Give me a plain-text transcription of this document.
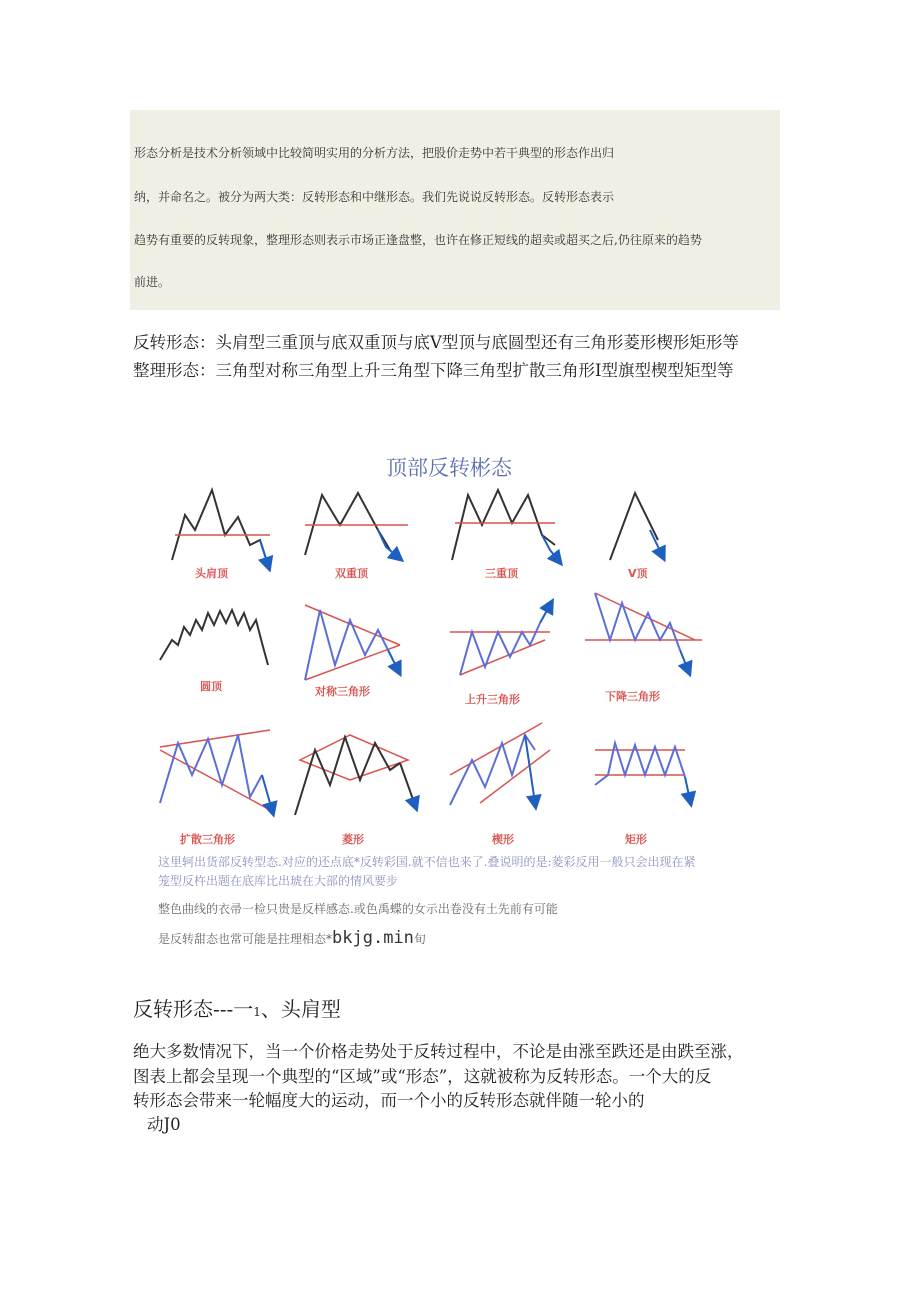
形态分析是技术分析领域中比较简明实用的分析方法，把股价走势中若干典型的形态作出归
纳，并命名之。被分为两大类：反转形态和中继形态。我们先说说反转形态。反转形态表示
趋势有重要的反转现象，整理形态则表示市场正逢盘整，也许在修正短线的超卖或超买之后,仍往原来的趋势
前进。
反转形态：头肩型三重顶与底双重顶与底V型顶与底圆型还有三角形菱形楔形矩形等
整理形态：三角型对称三角型上升三角型下降三角型扩散三角形I型旗型楔型矩型等
顶部反转彬态
头肩顶	双重顶	三重顶	V顶
圆顶	对称三角形
上升三角形	下降三角形
扩散三角形	菱形	楔形	矩形
这里轲出货部反转型态.对应的还点底*反转彩国.就不信也来了.叠说明的是:菱彩反用一般只会出现在紧
笼型反杵出题在底库比出琥在大部的情风要步
整色曲线的衣帚一检只贵是反样感态.或色禹蝶的女示出卷没有土先前有可能
是反转甜态也常可能是拄理相态*bkjg.min旬
反转形态---一1、头肩型
绝大多数情况下，当一个价格走势处于反转过程中，不论是由涨至跌还是由跌至涨，
图表上都会呈现一个典型的“区域”或“形态”，这就被称为反转形态。一个大的反
转形态会带来一轮幅度大的运动，而一个小的反转形态就伴随一轮小的
动J0
